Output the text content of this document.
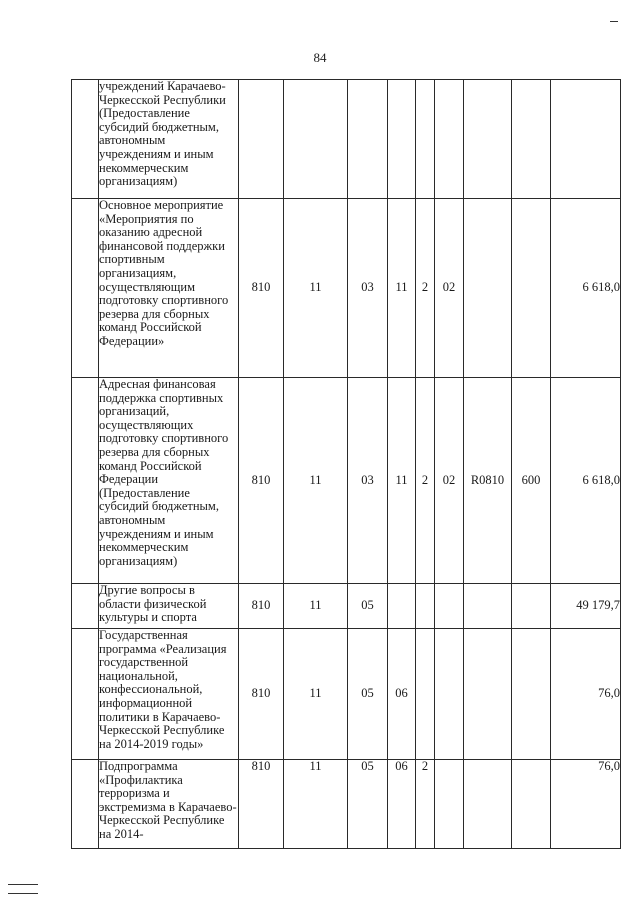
84
	учреждений Карачаево-Черкесской Республики (Предоставление субсидий бюджетным, автономным учреждениям и иным некоммерческим организациям)									
	Основное мероприятие «Мероприятия по оказанию адресной финансовой поддержки спортивным организациям, осуществляющим подготовку спортивного резерва для сборных команд Российской Федерации»	810	11	03	11	2	02			6 618,0
	Адресная финансовая поддержка спортивных организаций, осуществляющих подготовку спортивного резерва для сборных команд Российской Федерации (Предоставление субсидий бюджетным, автономным учреждениям и иным некоммерческим организациям)	810	11	03	11	2	02	R0810	600	6 618,0
	Другие вопросы в области физической культуры и спорта	810	11	05						49 179,7
	Государственная программа «Реализация государственной национальной, конфессиональной, информационной политики в Карачаево-Черкесской Республике на 2014-2019 годы»	810	11	05	06					76,0
	Подпрограмма «Профилактика терроризма и экстремизма в Карачаево-Черкесской Республике на 2014-	810	11	05	06	2				76,0
